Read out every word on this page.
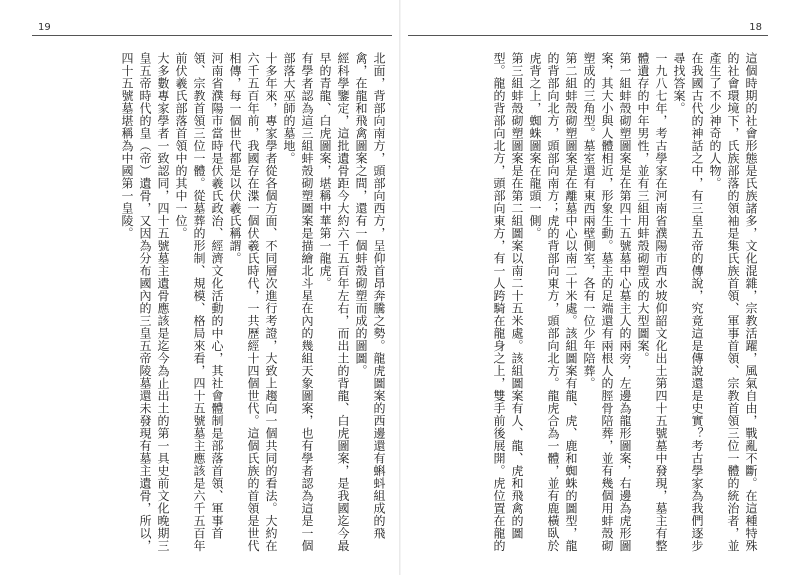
19

北面，背部向南方，頭部向西方，呈仰首昂奔騰之勢。龍虎圖案的西邊還有蝌蚪組成的飛禽，在龍和飛禽圖案之間，還有一個蚌殼砌塑而成的圖圖。

經科學鑒定，這批遺骨距今大約六千五百年左右，而出土的背龍、白虎圖案，是我國迄今最早的青龍、白虎圖案，堪稱中華第一龍虎。

有學者認為這三組蚌殼砌塑圖案是描繪北斗星在內的幾組天象圖案，也有學者認為這是一個部落大巫師的墓地。

十多年來，專家學者從各個方面、不同層次進行考證，大致上趨向一個共同的看法。大約在六千五百年前，我國存在渫一個伏羲氏時代，一共歷經十四個世代。這個氏族的首領是世代相傳，每一個世代都是以伏羲氏稱謂。

河南省濮陽市當時是伏羲氏政治、經濟文化活動的中心，其社會體制是部落首領、軍事首領、宗教首領三位一體。從墓葬的形制、規模、格局來看，四十五號墓主應該是六千五百年前伏羲氏部落首領中的其中一位。

大多數專家學者一致認同，四十五號墓主遺骨應該是迄今為止出土的第一具史前文化晚期三皇五帝時代的皇（帝）遺骨，又因為分布國內的三皇五帝陵墓還未發現有墓主遺骨，所以，四十五號墓堪稱為中國第一皇陵。

18

這個時期的社會形態是氏族諸多，文化混雜，宗教活躍，風氣自由，戰亂不斷。在這種特殊的社會環境下，氏族部落的領袖是集氏族首領、軍事首領、宗教首領三位一體的統治者，並產生了不少神奇的人物。

在我國古代的神話之中，有三皇五帝的傳說，究竟這是傳說還是史實？考古學家為我們逐步尋找答案。

一九八七年，考古學家在河南省濮陽市西水坡仰韶文化出土第四十五號墓中發現，墓主有整體遺存的中年男性，並有三組用蚌殼砌塑成的大型圖案。

第一組蚌殼砌塑圖案是在第四十五號墓中心墓主人的兩旁，左邊為龍形圖案，右邊為虎形圖案，其大小與人體相近，形象生動。墓主的足端還有兩根人的脛骨陪葬，並有幾個用蚌殼砌塑成的三角型。墓室還有東西兩壁側室，各有一位少年陪葬。

第二組蚌殼砌塑圖案是在離墓中心以南二十米處。該組圖案有龍、虎、鹿和蜘蛛的圖型，龍的背部向北方，頭部向南方；虎的背部向東方，頭部向北方。龍虎合為一體，並有鹿橫臥於虎背之上，蜘蛛圖案在龍頭一側。

第三組蚌殼砌塑圖案是在第二組圖案以南二十五米處。該組圖案有人、龍、虎和飛禽的圖型。龍的背部向北方，頭部向東方，有一人跨騎在龍身之上，雙手前後展開。虎位置在龍的
